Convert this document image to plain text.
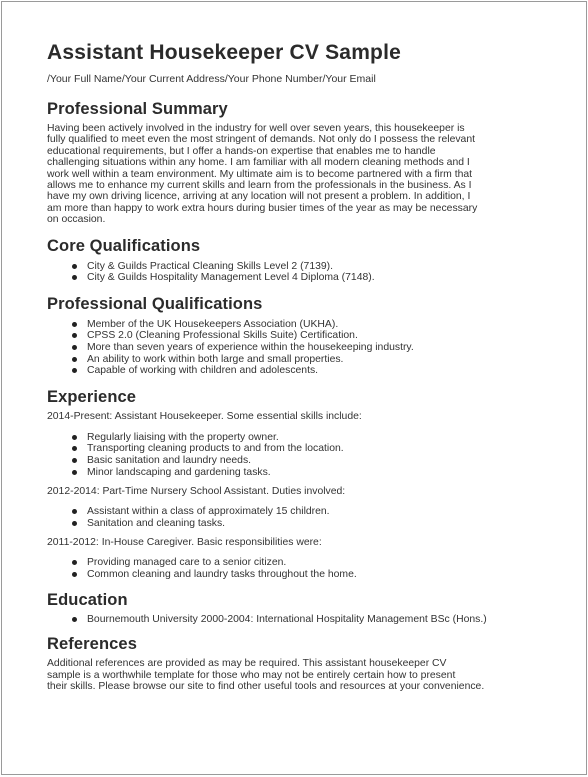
Assistant Housekeeper CV Sample
/Your Full Name/Your Current Address/Your Phone Number/Your Email
Professional Summary
Having been actively involved in the industry for well over seven years, this housekeeper is
fully qualified to meet even the most stringent of demands. Not only do I possess the relevant
educational requirements, but I offer a hands-on expertise that enables me to handle
challenging situations within any home. I am familiar with all modern cleaning methods and I
work well within a team environment. My ultimate aim is to become partnered with a firm that
allows me to enhance my current skills and learn from the professionals in the business. As I
have my own driving licence, arriving at any location will not present a problem. In addition, I
am more than happy to work extra hours during busier times of the year as may be necessary
on occasion.
Core Qualifications
City & Guilds Practical Cleaning Skills Level 2 (7139).
City & Guilds Hospitality Management Level 4 Diploma (7148).
Professional Qualifications
Member of the UK Housekeepers Association (UKHA).
CPSS 2.0 (Cleaning Professional Skills Suite) Certification.
More than seven years of experience within the housekeeping industry.
An ability to work within both large and small properties.
Capable of working with children and adolescents.
Experience
2014-Present: Assistant Housekeeper. Some essential skills include:
Regularly liaising with the property owner.
Transporting cleaning products to and from the location.
Basic sanitation and laundry needs.
Minor landscaping and gardening tasks.
2012-2014: Part-Time Nursery School Assistant. Duties involved:
Assistant within a class of approximately 15 children.
Sanitation and cleaning tasks.
2011-2012: In-House Caregiver. Basic responsibilities were:
Providing managed care to a senior citizen.
Common cleaning and laundry tasks throughout the home.
Education
Bournemouth University 2000-2004: International Hospitality Management BSc (Hons.)
References
Additional references are provided as may be required. This assistant housekeeper CV
sample is a worthwhile template for those who may not be entirely certain how to present
their skills. Please browse our site to find other useful tools and resources at your convenience.
